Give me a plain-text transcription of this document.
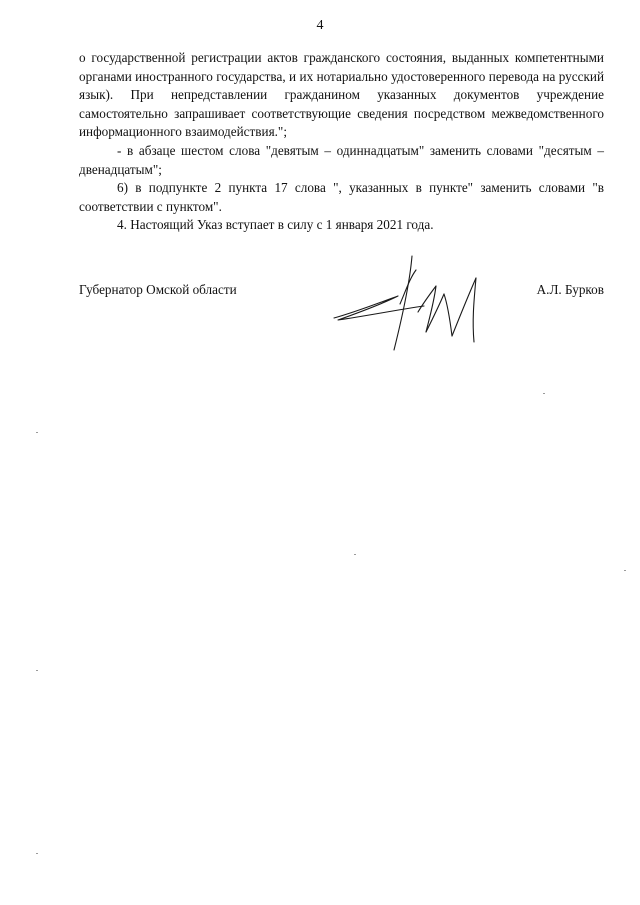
4

о государственной регистрации актов гражданского состояния, выданных компетентными органами иностранного государства, и их нотариально удостоверенного перевода на русский язык). При непредставлении гражданином указанных документов учреждение самостоятельно запрашивает соответствующие сведения посредством межведомственного информационного взаимодействия.";

- в абзаце шестом слова "девятым – одиннадцатым" заменить словами "десятым – двенадцатым";

6) в подпункте 2 пункта 17 слова ", указанных в пункте" заменить словами "в соответствии с пунктом".

4. Настоящий Указ вступает в силу с 1 января 2021 года.

Губернатор Омской области	А.Л. Бурков
